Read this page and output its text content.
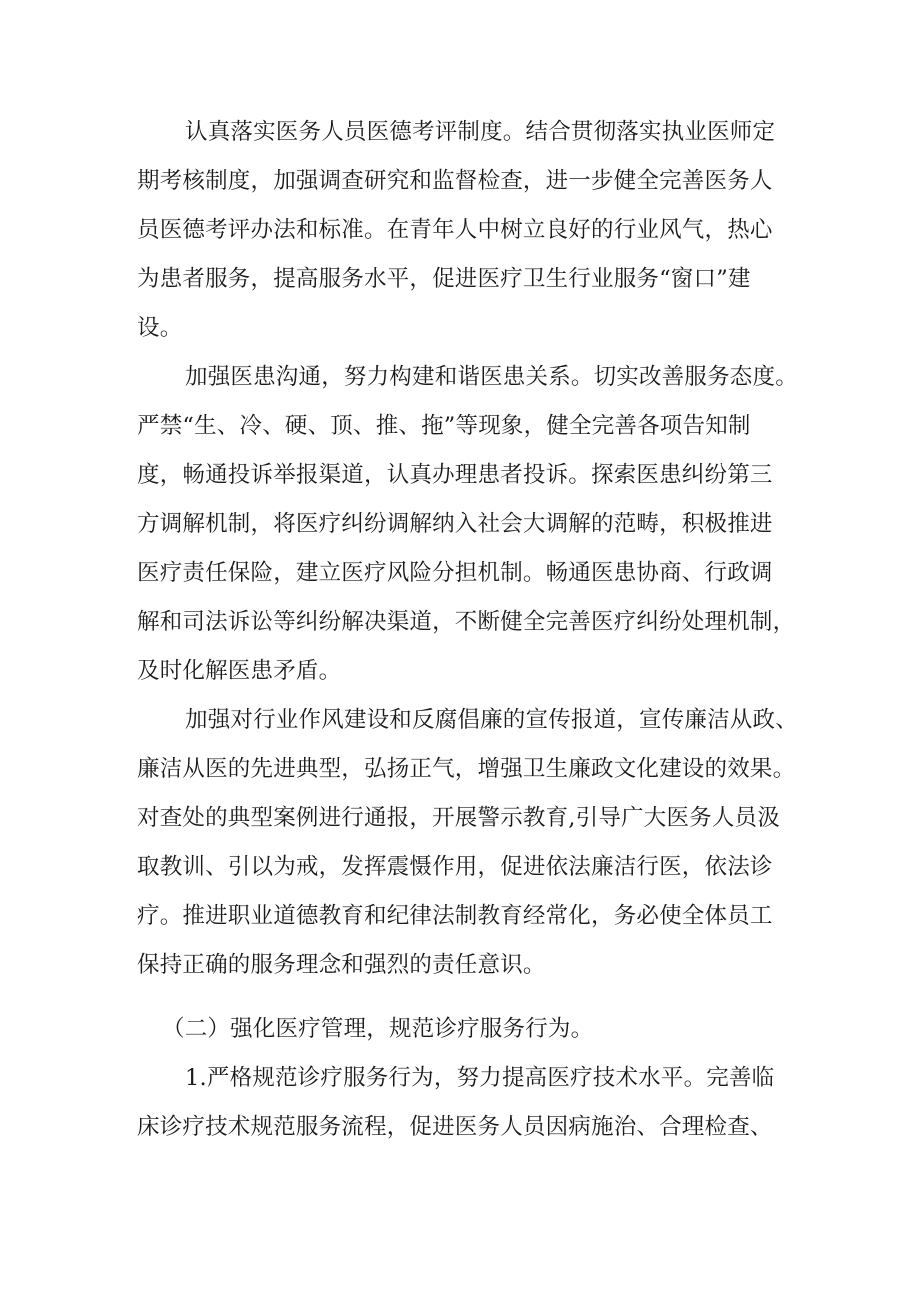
认真落实医务人员医德考评制度。结合贯彻落实执业医师定
期考核制度，加强调查研究和监督检查，进一步健全完善医务人
员医德考评办法和标准。在青年人中树立良好的行业风气，热心
为患者服务，提高服务水平，促进医疗卫生行业服务“窗口”建
设。
加强医患沟通，努力构建和谐医患关系。切实改善服务态度。
严禁“生、冷、硬、顶、推、拖”等现象，健全完善各项告知制
度，畅通投诉举报渠道，认真办理患者投诉。探索医患纠纷第三
方调解机制，将医疗纠纷调解纳入社会大调解的范畴，积极推进
医疗责任保险，建立医疗风险分担机制。畅通医患协商、行政调
解和司法诉讼等纠纷解决渠道，不断健全完善医疗纠纷处理机制，
及时化解医患矛盾。
加强对行业作风建设和反腐倡廉的宣传报道，宣传廉洁从政、
廉洁从医的先进典型，弘扬正气，增强卫生廉政文化建设的效果。
对查处的典型案例进行通报，开展警示教育,引导广大医务人员汲
取教训、引以为戒，发挥震慑作用，促进依法廉洁行医，依法诊
疗。推进职业道德教育和纪律法制教育经常化，务必使全体员工
保持正确的服务理念和强烈的责任意识。
（二）强化医疗管理，规范诊疗服务行为。
1.严格规范诊疗服务行为，努力提高医疗技术水平。完善临
床诊疗技术规范服务流程，促进医务人员因病施治、合理检查、
